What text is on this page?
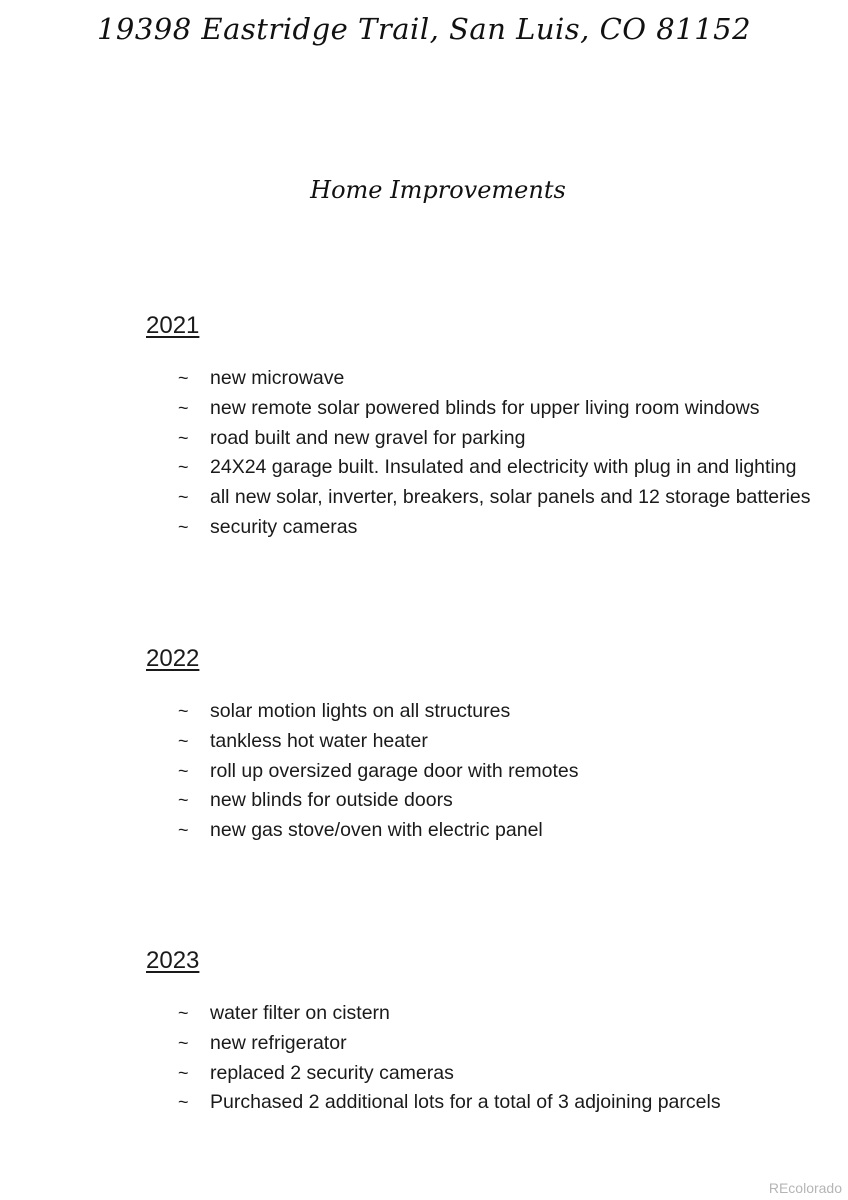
19398 Eastridge Trail, San Luis, CO 81152
Home Improvements
2021
~ new microwave
~ new remote solar powered blinds for upper living room windows
~ road built and new gravel for parking
~ 24X24 garage built. Insulated and electricity with plug in and lighting
~ all new solar, inverter, breakers, solar panels and 12 storage batteries
~ security cameras
2022
~ solar motion lights on all structures
~ tankless hot water heater
~ roll up oversized garage door with remotes
~ new blinds for outside doors
~ new gas stove/oven with electric panel
2023
~ water filter on cistern
~ new refrigerator
~ replaced 2 security cameras
~ Purchased 2 additional lots for a total of 3 adjoining parcels
REcolorado
